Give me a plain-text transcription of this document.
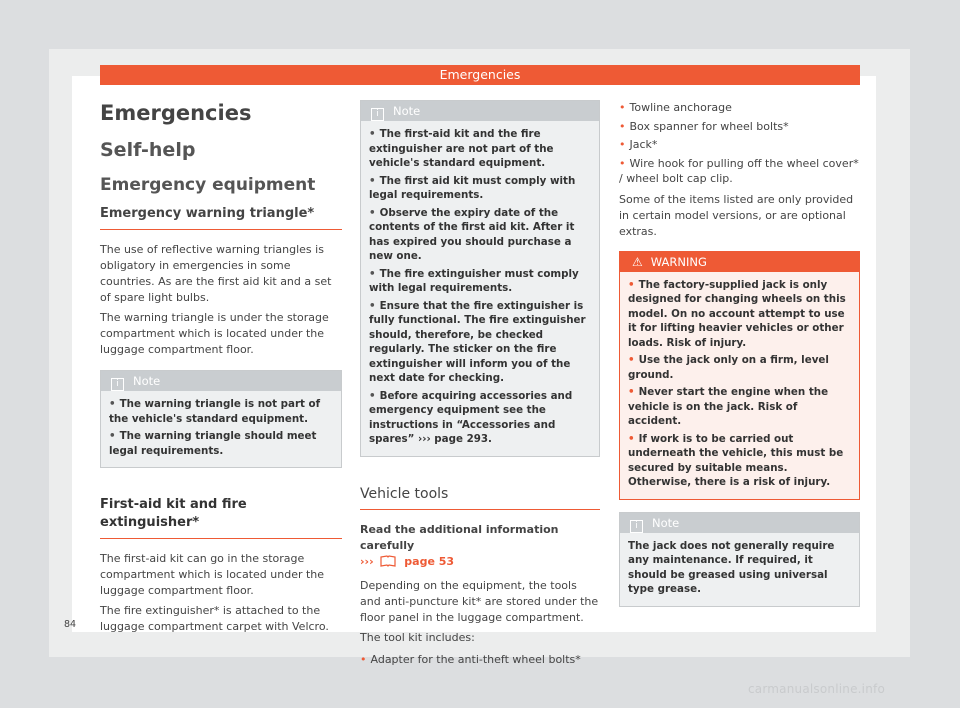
Emergencies
Emergencies
Self-help
Emergency equipment
Emergency warning triangle*

The use of reflective warning triangles is obligatory in emergencies in some countries. As are the first aid kit and a set of spare light bulbs.

The warning triangle is under the storage compartment which is located under the luggage compartment floor.

i Note
• The warning triangle is not part of the vehicle's standard equipment.
• The warning triangle should meet legal requirements.
First-aid kit and fire extinguisher*

The first-aid kit can go in the storage compartment which is located under the luggage compartment floor.

The fire extinguisher* is attached to the luggage compartment carpet with Velcro.

i Note
• The first-aid kit and the fire extinguisher are not part of the vehicle's standard equipment.
• The first aid kit must comply with legal requirements.
• Observe the expiry date of the contents of the first aid kit. After it has expired you should purchase a new one.
• The fire extinguisher must comply with legal requirements.
• Ensure that the fire extinguisher is fully functional. The fire extinguisher should, therefore, be checked regularly. The sticker on the fire extinguisher will inform you of the next date for checking.
• Before acquiring accessories and emergency equipment see the instructions in “Accessories and spares” ››› page 293.
Vehicle tools

Read the additional information carefully
›››	page 53

Depending on the equipment, the tools and anti-puncture kit* are stored under the floor panel in the luggage compartment.

The tool kit includes:

• Adapter for the anti-theft wheel bolts*
• Towline anchorage
• Box spanner for wheel bolts*
• Jack*
• Wire hook for pulling off the wheel cover* / wheel bolt cap clip.

Some of the items listed are only provided in certain model versions, or are optional extras.

⚠ WARNING
• The factory-supplied jack is only designed for changing wheels on this model. On no account attempt to use it for lifting heavier vehicles or other loads. Risk of injury.
• Use the jack only on a firm, level ground.
• Never start the engine when the vehicle is on the jack. Risk of accident.
• If work is to be carried out underneath the vehicle, this must be secured by suitable means. Otherwise, there is a risk of injury.
i Note
The jack does not generally require any maintenance. If required, it should be greased using universal type grease.
84
carmanualsonline.info
